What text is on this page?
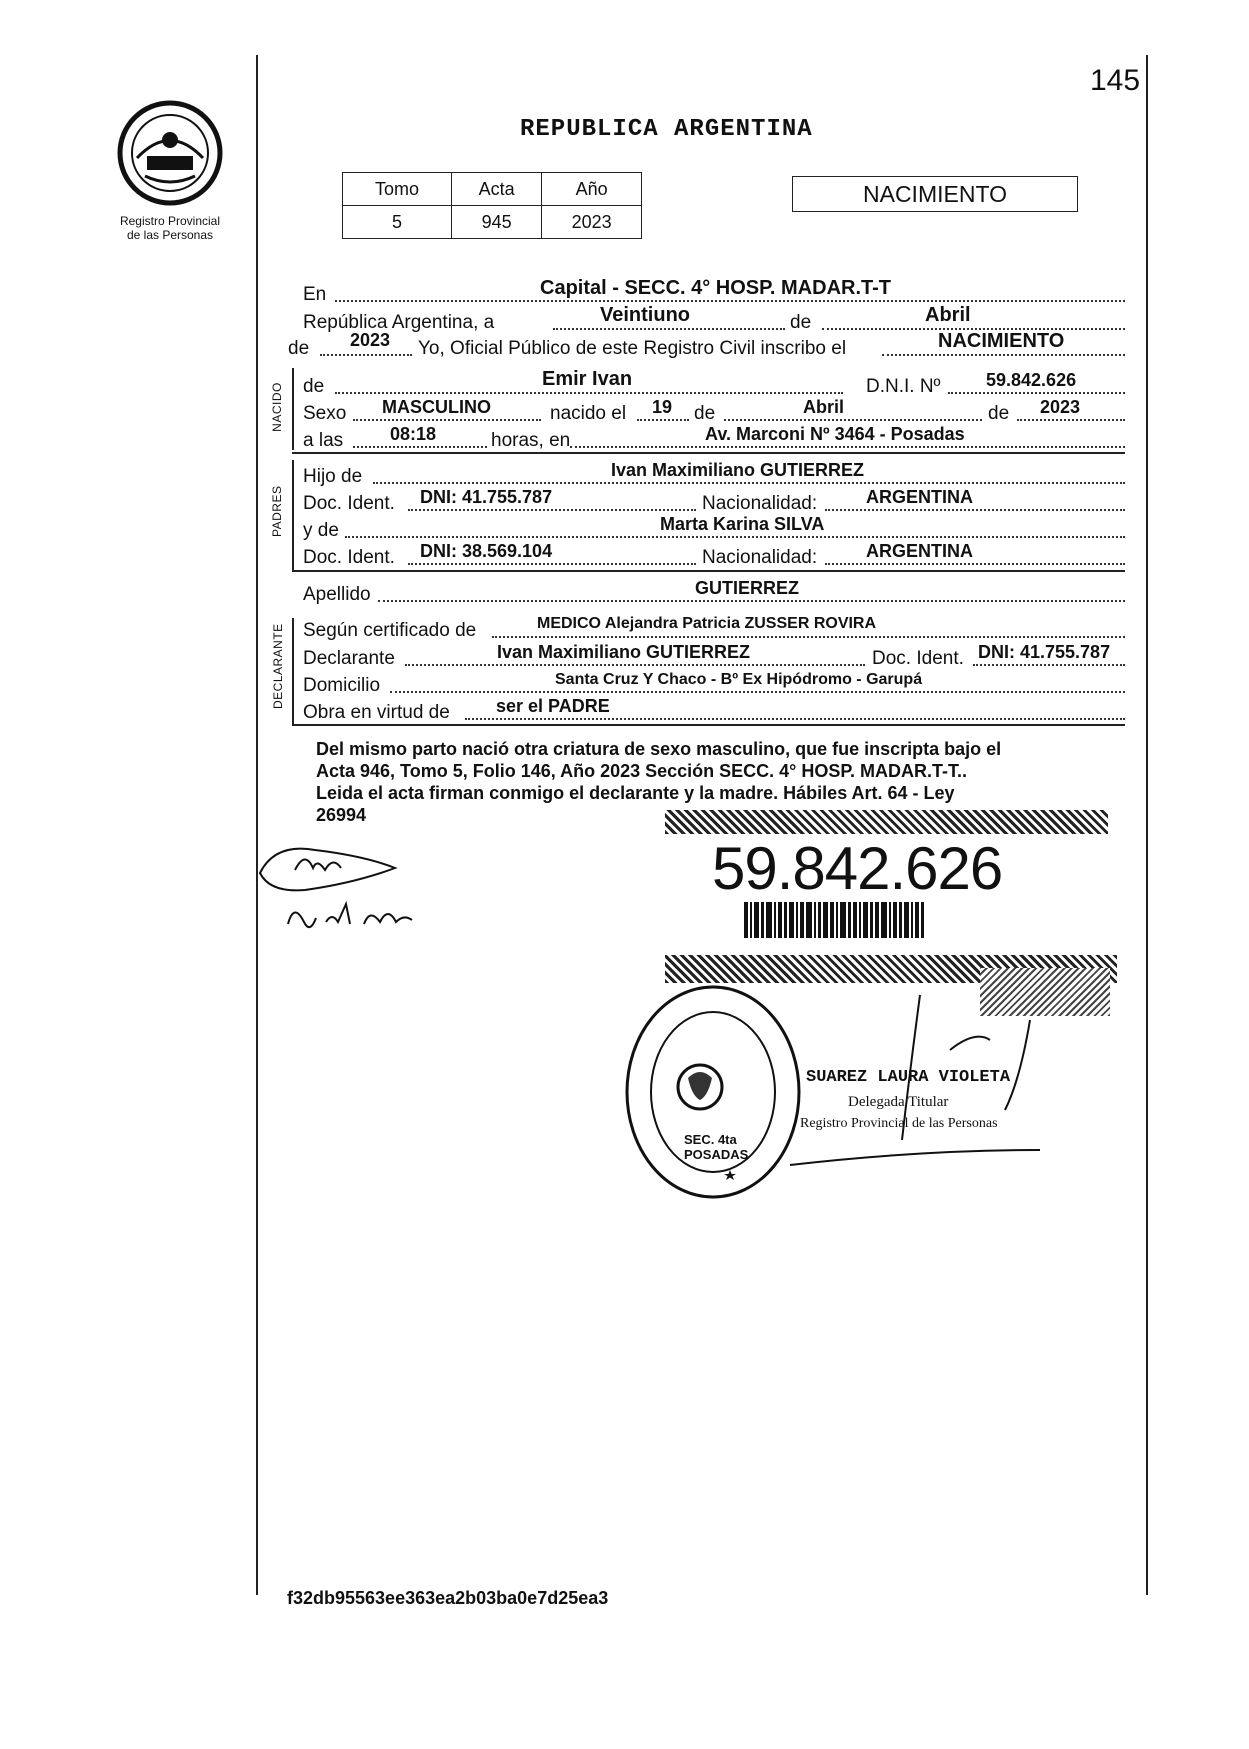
145
Registro Provincial
de las Personas
REPUBLICA ARGENTINA
Tomo	Acta	Año
5	945	2023
NACIMIENTO
En	Capital - SECC. 4° HOSP. MADAR.T-T
República Argentina, a	Veintiuno	de	Abril
de 2023 Yo, Oficial Público de este Registro Civil inscribo el	NACIMIENTO
NACIDO de	Emir Ivan	D.N.I. Nº	59.842.626
Sexo MASCULINO	nacido el 19 de	Abril	de 2023
a las	08:18	horas, en	Av. Marconi Nº 3464 - Posadas
PADRES
Hijo de	Ivan Maximiliano GUTIERREZ
Doc. Ident. DNI: 41.755.787	Nacionalidad:	ARGENTINA
y de	Marta Karina SILVA
Doc. Ident. DNI: 38.569.104	Nacionalidad:	ARGENTINA
Apellido	GUTIERREZ
DECLARANTE Según certificado de	MEDICO Alejandra Patricia ZUSSER ROVIRA
Declarante	Ivan Maximiliano GUTIERREZ	Doc. Ident. DNI: 41.755.787
Domicilio	Santa Cruz Y Chaco - Bº Ex Hipódromo - Garupá
Obra en virtud de	ser el PADRE
Del mismo parto nació otra criatura de sexo masculino, que fue inscripta bajo el
Acta 946, Tomo 5, Folio 146, Año 2023 Sección SECC. 4° HOSP. MADAR.T-T..
Leida el acta firman conmigo el declarante y la madre. Hábiles Art. 64 - Ley
26994
59.842.626
SEC. 4ta POSADAS
SUAREZ LAURA VIOLETA
Delegada Titular
Registro Provincial de las Personas
f32db95563ee363ea2b03ba0e7d25ea3
